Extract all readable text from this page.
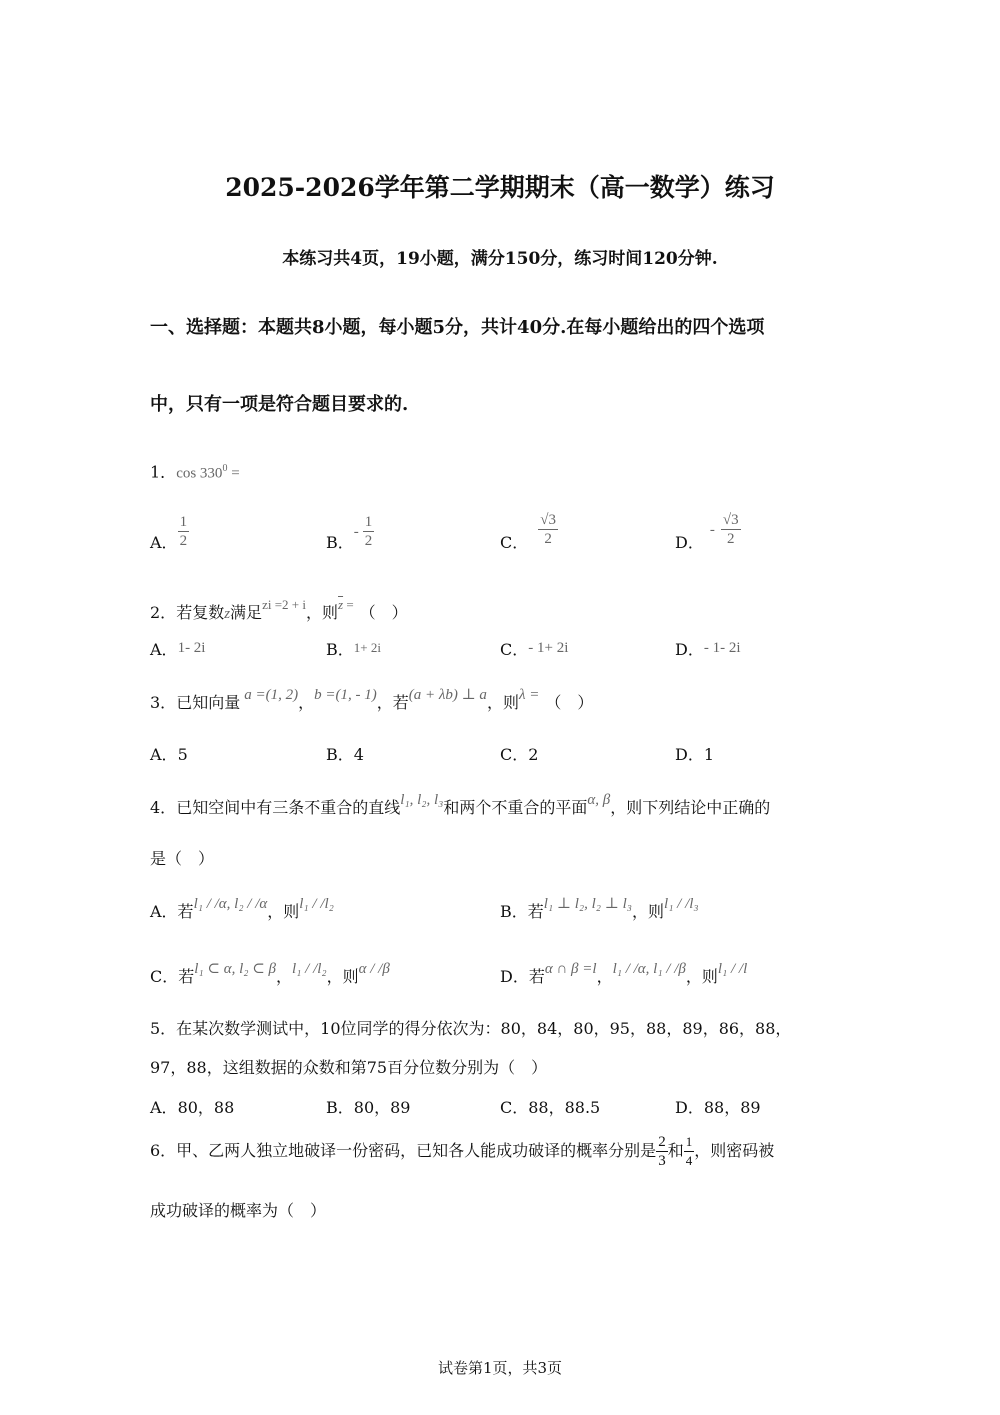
2025-2026学年第二学期期末（高一数学）练习
本练习共4页，19小题，满分150分，练习时间120分钟.
一、选择题：本题共8小题，每小题5分，共计40分.在每小题给出的四个选项
中，只有一项是符合题目要求的.
1．$\cos 330^0$ =
A． $\frac{1}{2}$	B．- $\frac{1}{2}$	C． $\frac{√3}{2}$	D．- $\frac{√3}{2}$
2．若复数z满足$^{zi =2 + i}$，则$^{\overline{z}}$ = （　）
A．1- 2i	B．1+ 2i	C．- 1+ 2i	D．- 1- 2i
3．已知向量 a =(1, 2)，b =(1, - 1)，若(a + λb) ⊥ a，则λ = （　）
A．5	B．4	C．2	D．1
4．已知空间中有三条不重合的直线l₁, l₂, l₃和两个不重合的平面α, β，则下列结论中正确的
是（　）
A．若l₁ / /α, l₂ / /α，则l₁ / /l₂	B．若l₁ ⊥ l₂, l₂ ⊥ l₃，则l₁ / /l₃
C．若l₁ ⊂ α, l₂ ⊂ β，l₁ / /l₂，则α / /β	D．若α ∩ β =l，l₁ / /α, l₁ / /β，则l₁ / /l
5．在某次数学测试中，10位同学的得分依次为：80，84，80，95，88，89，86，88，
97，88，这组数据的众数和第75百分位数分别为（　）
A．80，88	B．80，89	C．88，88.5	D．88，89
6．甲、乙两人独立地破译一份密码，已知各人能成功破译的概率分别是 $\frac{2}{3}$ 和 $\frac{1}{4}$ ，则密码被
成功破译的概率为（　）
试卷第1页，共3页
